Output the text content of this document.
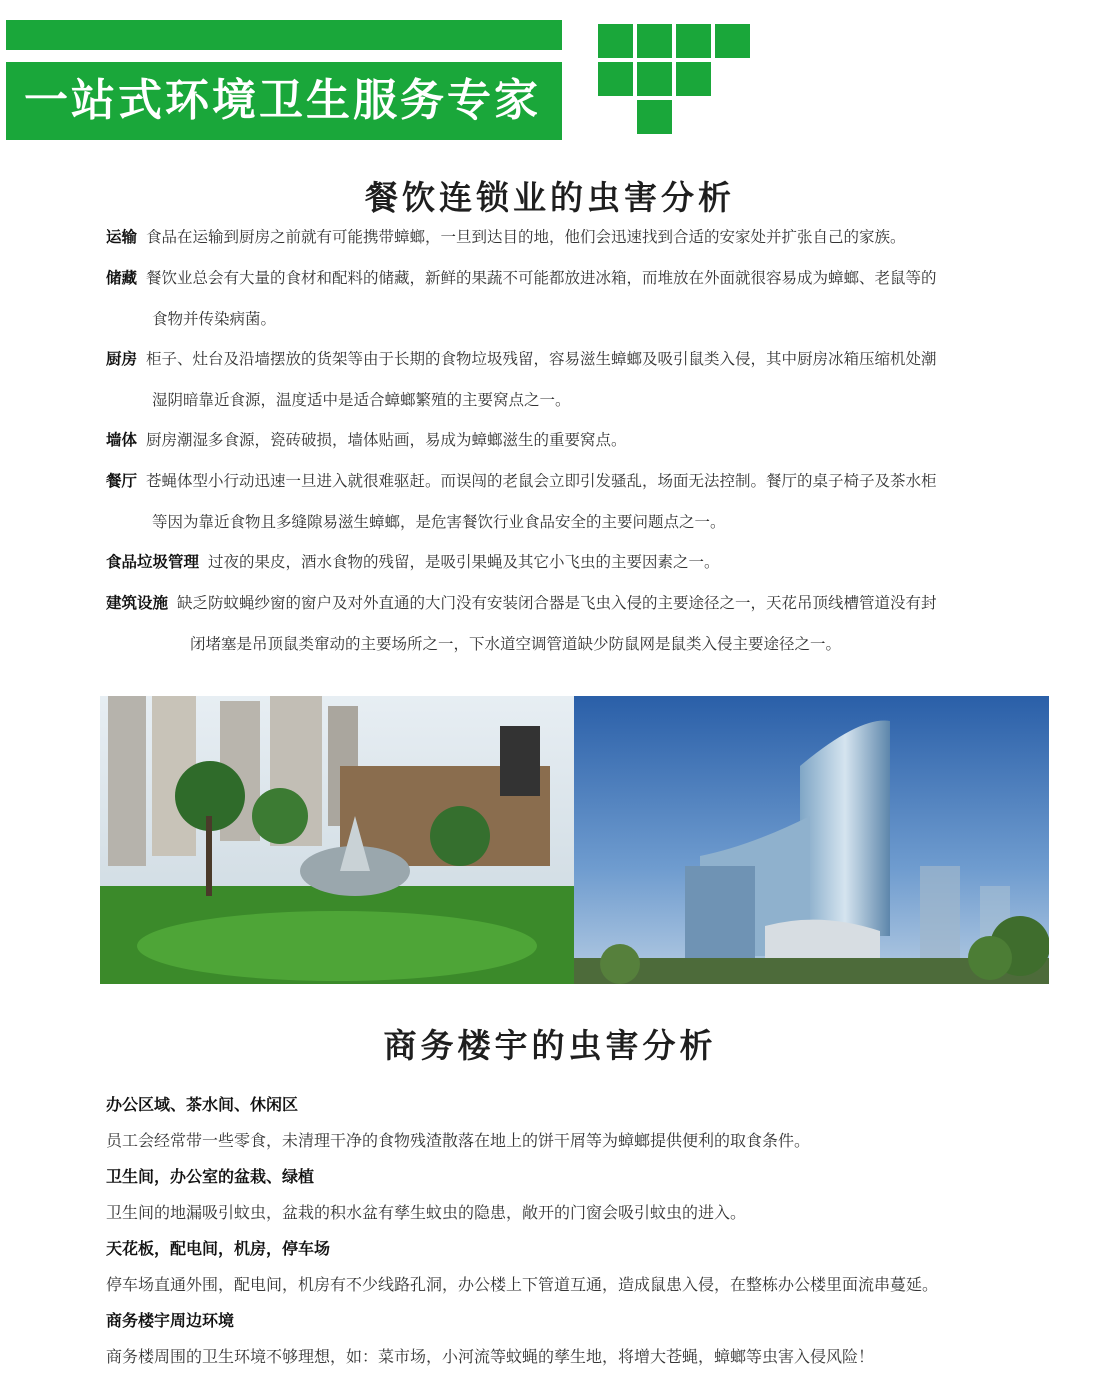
一站式环境卫生服务专家
餐饮连锁业的虫害分析
运输 食品在运输到厨房之前就有可能携带蟑螂，一旦到达目的地，他们会迅速找到合适的安家处并扩张自己的家族。
储藏 餐饮业总会有大量的食材和配料的储藏，新鲜的果蔬不可能都放进冰箱，而堆放在外面就很容易成为蟑螂、老鼠等的
食物并传染病菌。
厨房 柜子、灶台及沿墙摆放的货架等由于长期的食物垃圾残留，容易滋生蟑螂及吸引鼠类入侵，其中厨房冰箱压缩机处潮
湿阴暗靠近食源，温度适中是适合蟑螂繁殖的主要窝点之一。
墙体 厨房潮湿多食源，瓷砖破损，墙体贴画，易成为蟑螂滋生的重要窝点。
餐厅 苍蝇体型小行动迅速一旦进入就很难驱赶。而误闯的老鼠会立即引发骚乱，场面无法控制。餐厅的桌子椅子及茶水柜
等因为靠近食物且多缝隙易滋生蟑螂，是危害餐饮行业食品安全的主要问题点之一。
食品垃圾管理 过夜的果皮，酒水食物的残留，是吸引果蝇及其它小飞虫的主要因素之一。
建筑设施 缺乏防蚊蝇纱窗的窗户及对外直通的大门没有安装闭合器是飞虫入侵的主要途径之一，天花吊顶线槽管道没有封
闭堵塞是吊顶鼠类窜动的主要场所之一，下水道空调管道缺少防鼠网是鼠类入侵主要途径之一。
商务楼宇的虫害分析
办公区域、茶水间、休闲区
员工会经常带一些零食，未清理干净的食物残渣散落在地上的饼干屑等为蟑螂提供便利的取食条件。
卫生间，办公室的盆栽、绿植
卫生间的地漏吸引蚊虫，盆栽的积水盆有孳生蚊虫的隐患，敞开的门窗会吸引蚊虫的进入。
天花板，配电间，机房，停车场
停车场直通外围，配电间，机房有不少线路孔洞，办公楼上下管道互通，造成鼠患入侵，在整栋办公楼里面流串蔓延。
商务楼宇周边环境
商务楼周围的卫生环境不够理想，如：菜市场，小河流等蚊蝇的孳生地，将增大苍蝇，蟑螂等虫害入侵风险！
